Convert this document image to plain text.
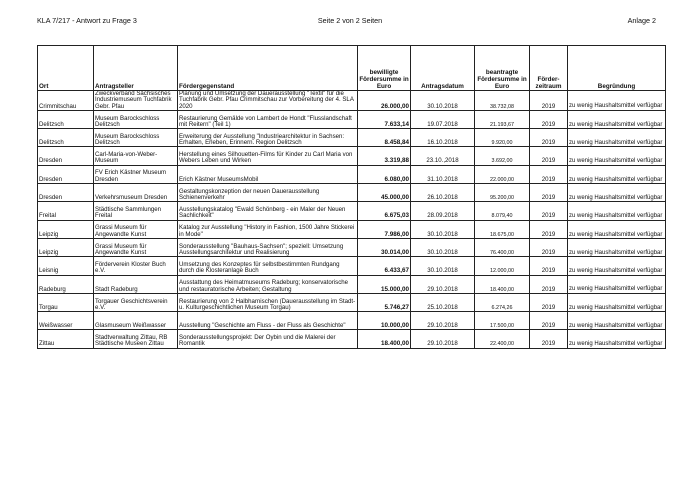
KLA 7/217 - Antwort zu Frage 3	Seite 2 von 2 Seiten	Anlage 2
Ort	Antragsteller	Fördergegenstand	bewilligte Fördersumme in Euro	Antragsdatum	beantragte Fördersumme in Euro	Förder-zeitraum	Begründung
Crimmitschau	Zweckverband Sächsisches Industriemuseum Tuchfabrik Gebr. Pfau	Planung und Umsetzung der Dauerausstellung "Textil" für die Tuchfabrik Gebr. Pfau Crimmitschau zur Vorbereitung der 4. SLA 2020	26.000,00	30.10.2018	38.732,08	2019	zu wenig Haushaltsmittel verfügbar
Delitzsch	Museum Barockschloss Delitzsch	Restaurierung Gemälde von Lambert de Hondt "Flusslandschaft mit Reitern" (Teil 1)	7.633,14	19.07.2018	21.193,67	2019	zu wenig Haushaltsmittel verfügbar
Delitzsch	Museum Barockschloss Delitzsch	Erweiterung der Ausstellung "Industriearchitektur in Sachsen: Erhalten, Erleben, Erinnern. Region Delitzsch	8.458,84	16.10.2018	9.920,00	2019	zu wenig Haushaltsmittel verfügbar
Dresden	Carl-Maria-von-Weber-Museum	Herstellung eines Silhouetten-Films für Kinder zu Carl Maria von Webers Leben und Wirken	3.319,88	23.10.,2018	3.692,00	2019	zu wenig Haushaltsmittel verfügbar
Dresden	FV Erich Kästner Museum Dresden	Erich Kästner MuseumsMobil	6.080,00	31.10.2018	22.000,00	2019	zu wenig Haushaltsmittel verfügbar
Dresden	Verkehrsmuseum Dresden	Gestaltungskonzeption der neuen Dauerausstellung Schienenverkehr	45.000,00	26.10.2018	95.200,00	2019	zu wenig Haushaltsmittel verfügbar
Freital	Städtische Sammlungen Freital	Ausstellungskatalog "Ewald Schönberg - ein Maler der Neuen Sachlichkeit"	6.675,03	28.09.2018	8.079,40	2019	zu wenig Haushaltsmittel verfügbar
Leipzig	Grassi Museum für Angewandte Kunst	Katalog zur Ausstellung "History in Fashion, 1500 Jahre Stickerei in Mode"	7.986,00	30.10.2018	18.675,00	2019	zu wenig Haushaltsmittel verfügbar
Leipzig	Grassi Museum für Angewandte Kunst	Sonderausstellung "Bauhaus-Sachsen"; speziell: Umsetzung Ausstellungsarchitektur und Realisierung	30.014,00	30.10.2018	76.400,00	2019	zu wenig Haushaltsmittel verfügbar
Leisnig	Förderverein Kloster Buch e.V.	Umsetzung des Konzeptes für selbstbestimmten Rundgang durch die Klosteranlage Buch	6.433,67	30.10.2018	12.000,00	2019	zu wenig Haushaltsmittel verfügbar
Radeburg	Stadt Radeburg	Ausstattung des Heimatmuseums Radeburg; konservatorische und restauratorische Arbeiten; Gestaltung	15.000,00	29.10.2018	18.400,00	2019	zu wenig Haushaltsmittel verfügbar
Torgau	Torgauer Geschichtsverein e.V.	Restaurierung von 2 Halbharnischen (Dauerausstellung im Stadt- u. Kulturgeschichtlichen Museum Torgau)	5.746,27	25.10.2018	6.274,26	2019	zu wenig Haushaltsmittel verfügbar
Weißwasser	Glasmuseum Weißwasser	Ausstellung "Geschichte am Fluss - der Fluss als Geschichte"	10.000,00	29.10.2018	17.500,00	2019	zu wenig Haushaltsmittel verfügbar
Zittau	Stadtverwaltung Zittau, RB Städtische Museen Zittau	Sonderausstellungsprojekt: Der Oybin und die Malerei der Romantik	18.400,00	29.10.2018	22.400,00	2019	zu wenig Haushaltsmittel verfügbar
